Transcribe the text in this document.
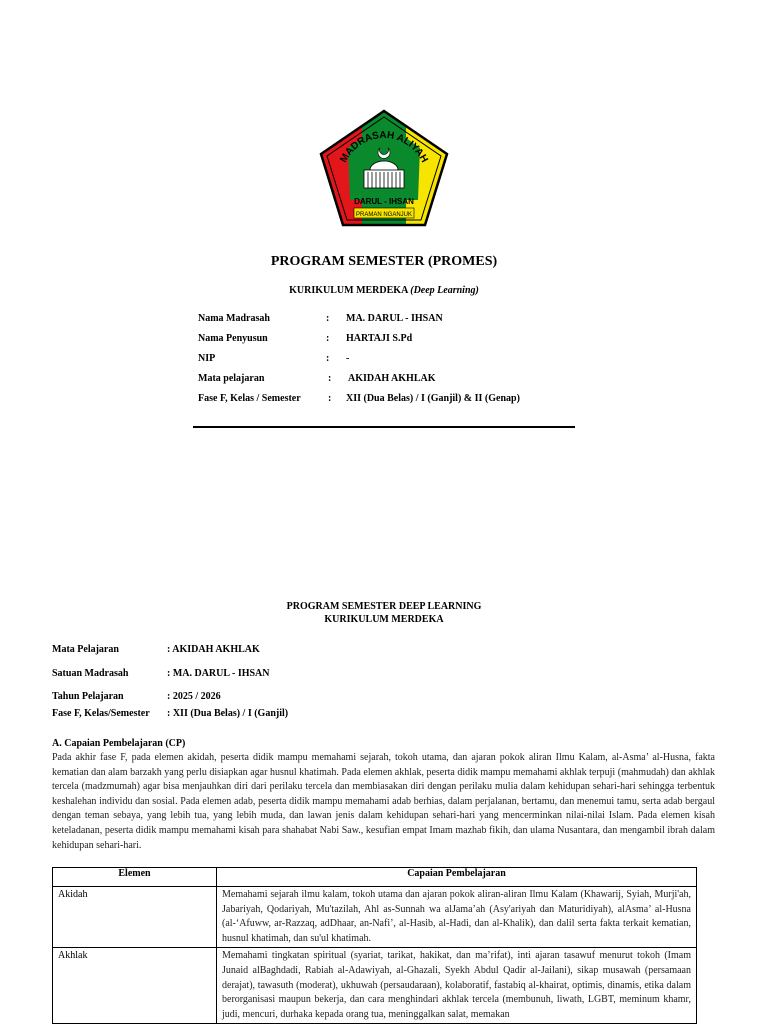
MADRASAH ALIYAH
DARUL - IHSAN
PRAMAN NGANJUK
PROGRAM SEMESTER (PROMES)
KURIKULUM MERDEKA (Deep Learning)
Nama Madrasah	: MA. DARUL - IHSAN
Nama Penyusun	: HARTAJI S.Pd
NIP	: -
Mata pelajaran	: AKIDAH AKHLAK
Fase F, Kelas / Semester	: XII (Dua Belas) / I (Ganjil) & II (Genap)
PROGRAM SEMESTER DEEP LEARNING
KURIKULUM MERDEKA
Mata Pelajaran	: AKIDAH AKHLAK
Satuan Madrasah	: MA. DARUL - IHSAN
Tahun Pelajaran	: 2025 / 2026
Fase F, Kelas/Semester : XII (Dua Belas) / I (Ganjil)
A. Capaian Pembelajaran (CP)
Pada akhir fase F, pada elemen akidah, peserta didik mampu memahami sejarah, tokoh utama, dan ajaran pokok aliran Ilmu Kalam, al-Asma’ al-Husna, fakta kematian dan alam barzakh yang perlu disiapkan agar husnul khatimah. Pada elemen akhlak, peserta didik mampu memahami akhlak terpuji (mahmudah) dan akhlak tercela (madzmumah) agar bisa menjauhkan diri dari perilaku tercela dan membiasakan diri dengan perilaku mulia dalam kehidupan sehari-hari sehingga terbentuk keshalehan individu dan sosial. Pada elemen adab, peserta didik mampu memahami adab berhias, dalam perjalanan, bertamu, dan menemui tamu, serta adab bergaul dengan teman sebaya, yang lebih tua, yang lebih muda, dan lawan jenis dalam kehidupan sehari-hari yang mencerminkan nilai-nilai Islam. Pada elemen kisah keteladanan, peserta didik mampu memahami kisah para shahabat Nabi Saw., kesufian empat Imam mazhab fikih, dan ulama Nusantara, dan mengambil ibrah dalam kehidupan sehari-hari.
Elemen	Capaian Pembelajaran
Akidah	Memahami sejarah ilmu kalam, tokoh utama dan ajaran pokok aliran-aliran Ilmu Kalam (Khawarij, Syiah, Murji'ah, Jabariyah, Qodariyah, Mu'tazilah, Ahl as-Sunnah wa alJama’ah (Asy'ariyah dan Maturidiyah), alAsma’ al-Husna (al-‘Afuww, ar-Razzaq, adDhaar, an-Nafi’, al-Hasib, al-Hadi, dan al-Khalik), dan dalil serta fakta terkait kematian, husnul khatimah, dan su'ul khatimah.
Akhlak	Memahami tingkatan spiritual (syariat, tarikat, hakikat, dan ma’rifat), inti ajaran tasawuf menurut tokoh (Imam Junaid alBaghdadi, Rabiah al-Adawiyah, al-Ghazali, Syekh Abdul Qadir al-Jailani), sikap musawah (persamaan derajat), tawasuth (moderat), ukhuwah (persaudaraan), kolaboratif, fastabiq al-khairat, optimis, dinamis, etika dalam berorganisasi maupun bekerja, dan cara menghindari akhlak tercela (membunuh, liwath, LGBT, meminum khamr, judi, mencuri, durhaka kepada orang tua, meninggalkan salat, memakan
